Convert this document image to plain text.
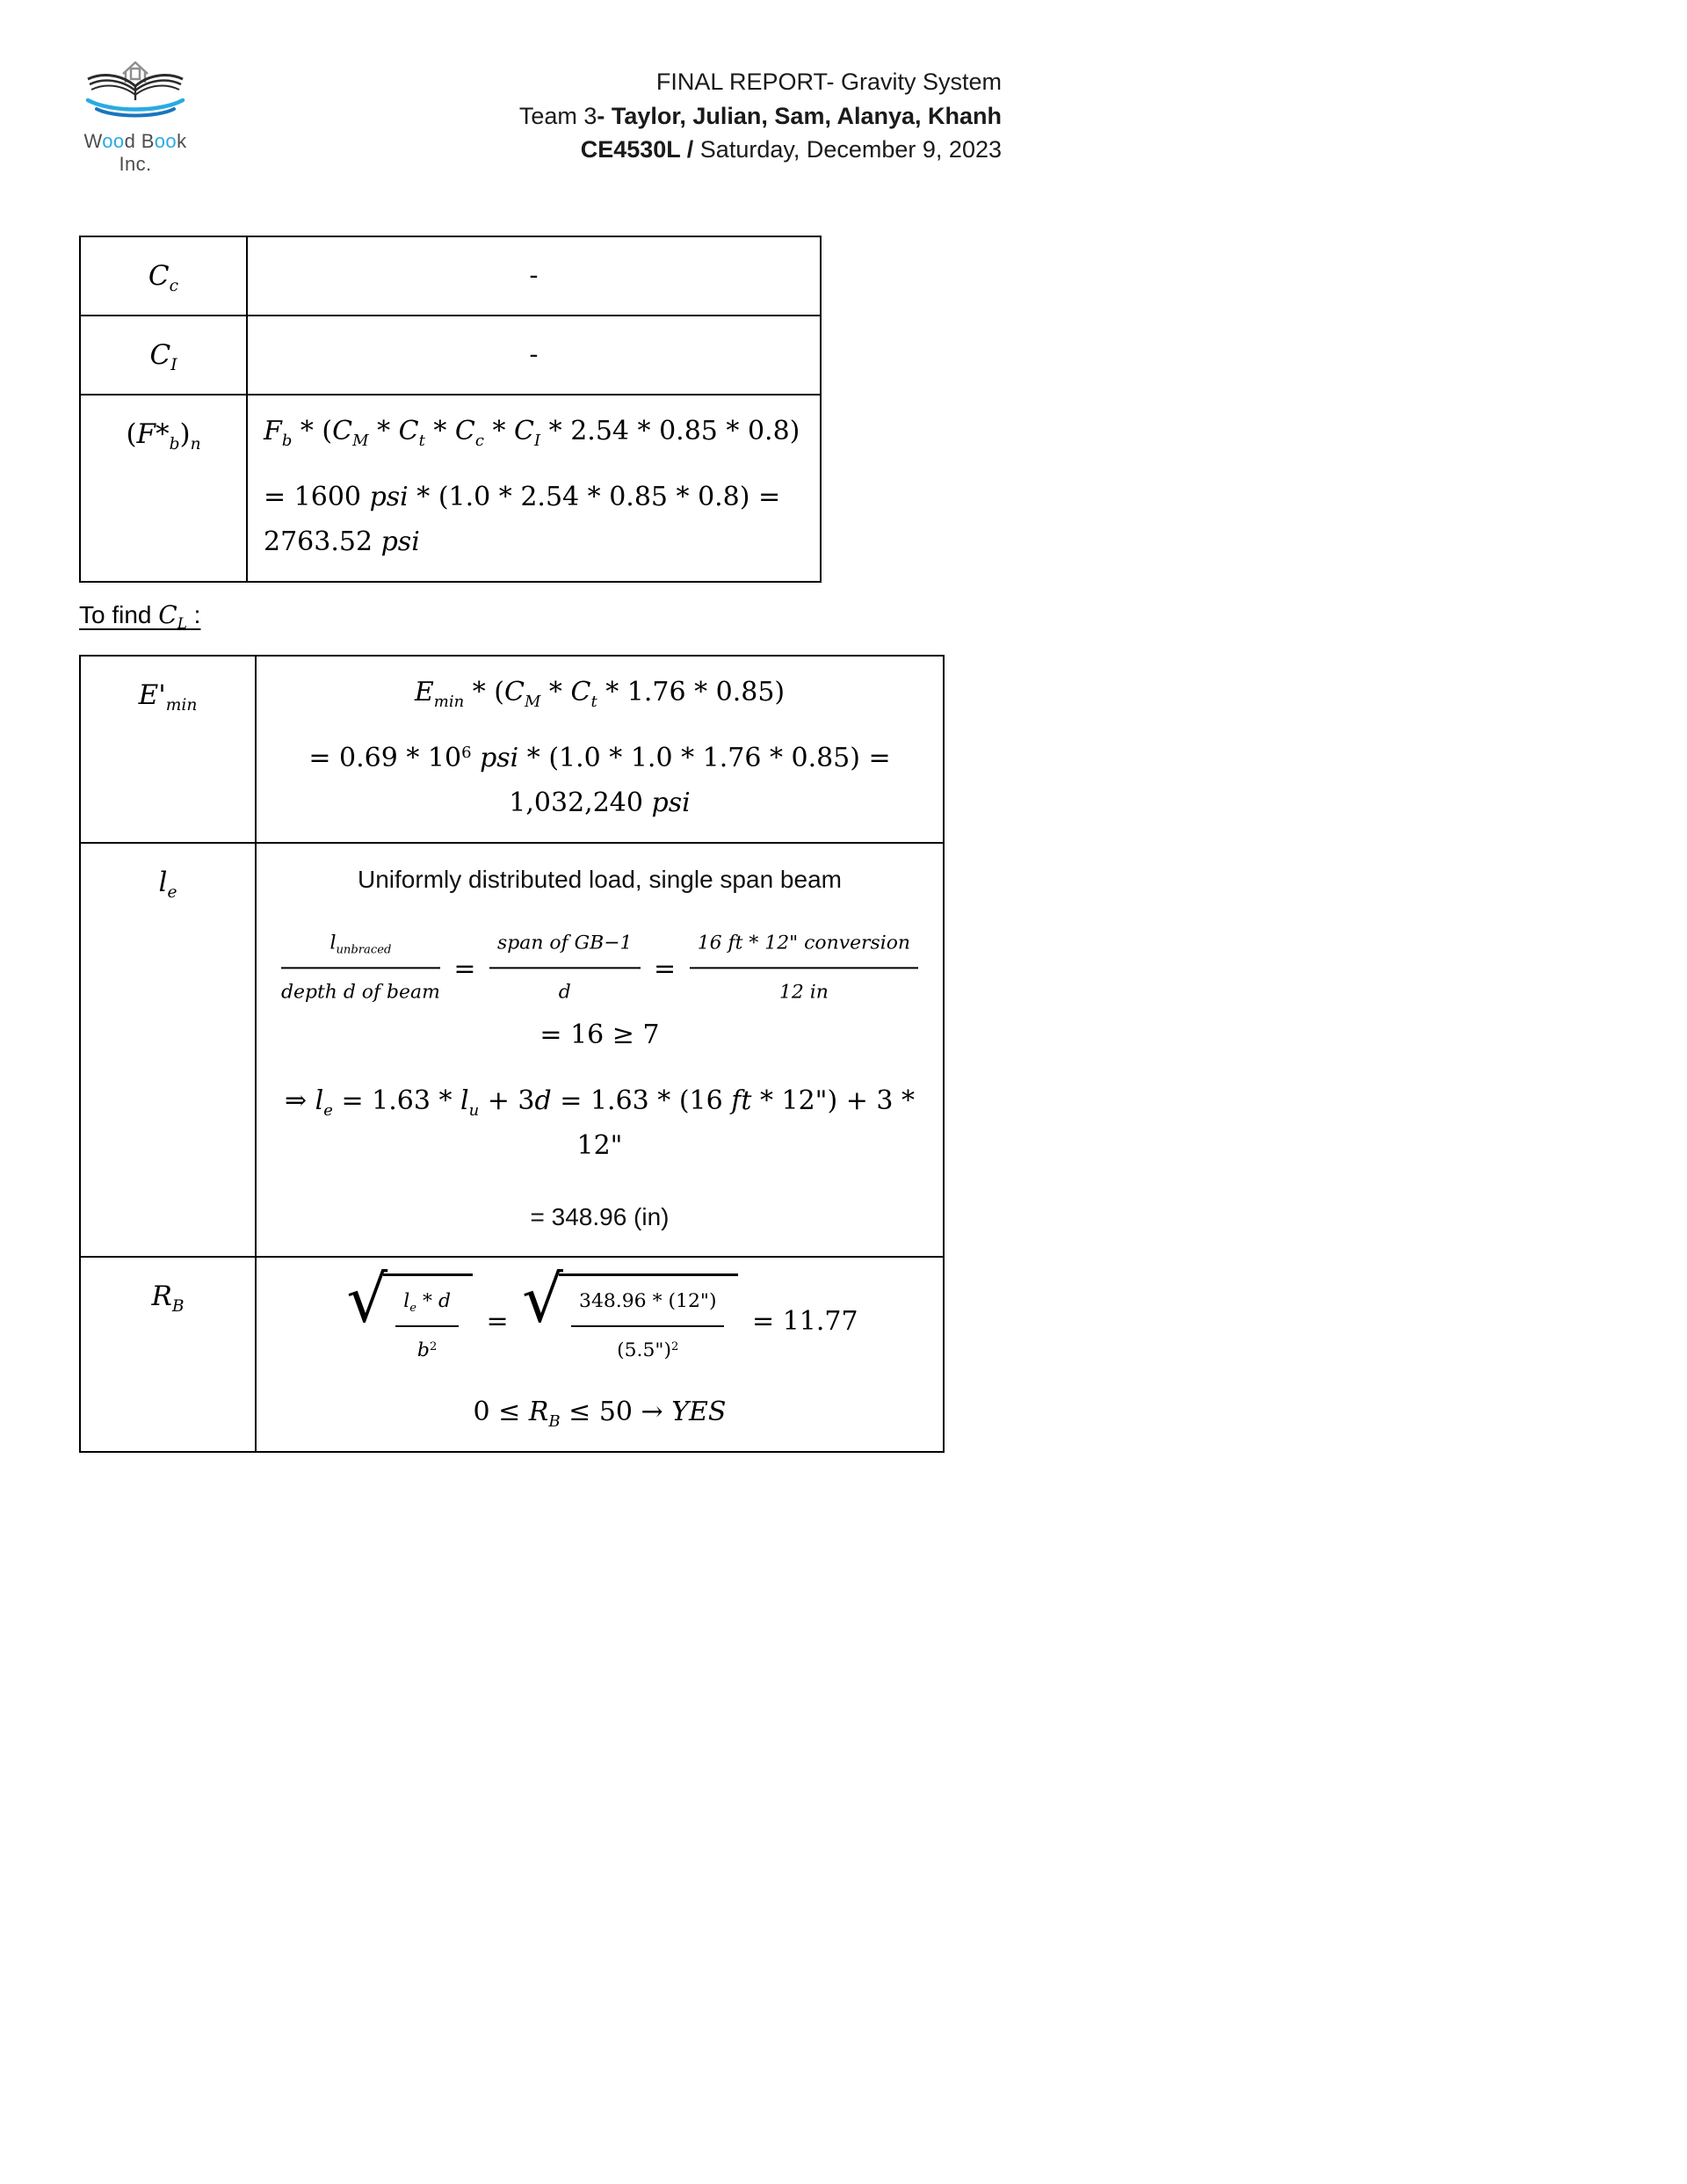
Wood Book Inc.
FINAL REPORT- Gravity System
Team 3- Taylor, Julian, Sam, Alanya, Khanh
CE4530L / Saturday, December 9, 2023
$C_c$	-
$C_I$	-
$(F*_b)_n$	$F_b * (C_M * C_t * C_c * C_I * 2.54 * 0.85 * 0.8)$
= 1600 psi * (1.0 * 2.54 * 0.85 * 0.8) = 2763.52 psi
To find $C_L$ :
$E'_{min}$	$E_{min} * (C_M * C_t * 1.76 * 0.85)$
= $0.69 * 10^6$ psi * (1.0 * 1.0 * 1.76 * 0.85) = 1,032,240 psi

$l_e$	Uniformly distributed load, single span beam
$\frac{l_{unbraced}}{\text{depth d of beam}} = \frac{\text{span of GB−1}}{d} = \frac{\text{16 ft * 12" conversion}}{12 in}$
= 16 ≥ 7
⇒ $l_e = 1.63 * l_u + 3d = 1.63 * (16$ ft * 12") + 3 * 12"
= 348.96 (in)

$R_B$	√ $\frac{l_e * d}{b^2}$ = √ $\frac{348.96 * (12")}{(5.5")^2} = 11.77$
$0 \le R_B \le 50$ → YES
